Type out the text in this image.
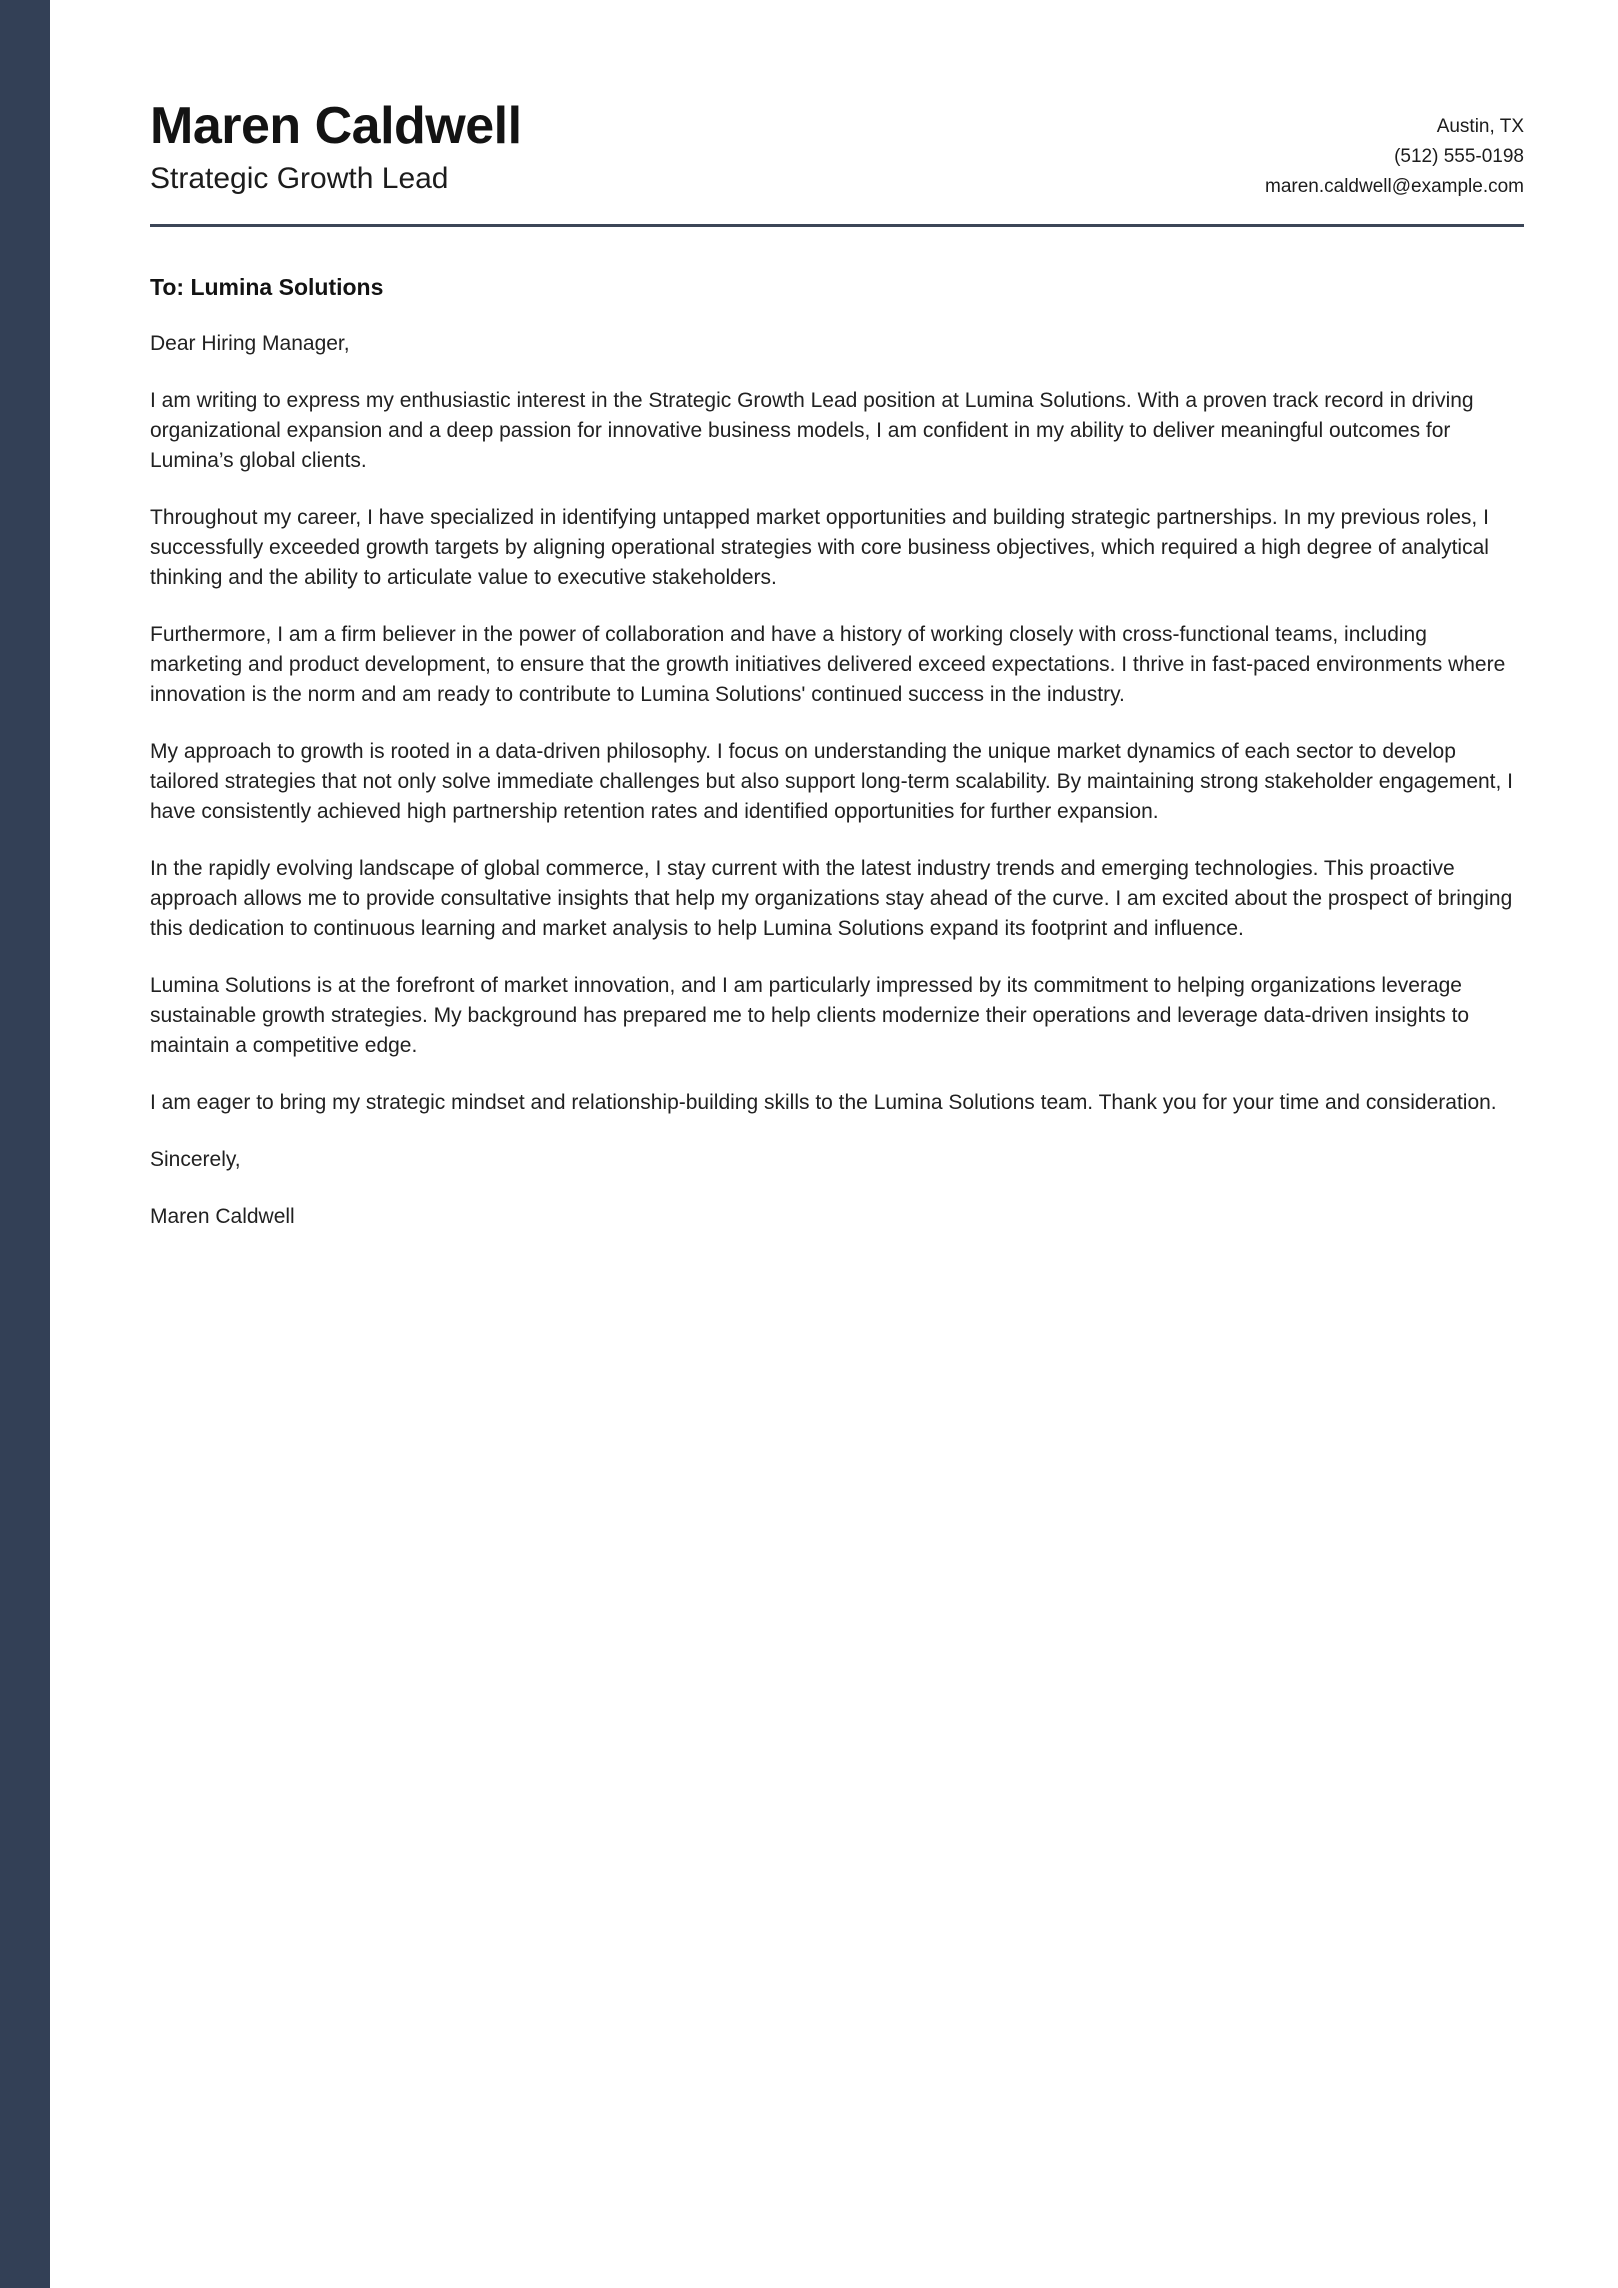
Maren Caldwell
Strategic Growth Lead
Austin, TX
(512) 555-0198
maren.caldwell@example.com

To: Lumina Solutions

Dear Hiring Manager,

I am writing to express my enthusiastic interest in the Strategic Growth Lead position at Lumina Solutions. With a proven track record in driving organizational expansion and a deep passion for innovative business models, I am confident in my ability to deliver meaningful outcomes for Lumina’s global clients.

Throughout my career, I have specialized in identifying untapped market opportunities and building strategic partnerships. In my previous roles, I successfully exceeded growth targets by aligning operational strategies with core business objectives, which required a high degree of analytical thinking and the ability to articulate value to executive stakeholders.

Furthermore, I am a firm believer in the power of collaboration and have a history of working closely with cross-functional teams, including marketing and product development, to ensure that the growth initiatives delivered exceed expectations. I thrive in fast-paced environments where innovation is the norm and am ready to contribute to Lumina Solutions' continued success in the industry.

My approach to growth is rooted in a data-driven philosophy. I focus on understanding the unique market dynamics of each sector to develop tailored strategies that not only solve immediate challenges but also support long-term scalability. By maintaining strong stakeholder engagement, I have consistently achieved high partnership retention rates and identified opportunities for further expansion.

In the rapidly evolving landscape of global commerce, I stay current with the latest industry trends and emerging technologies. This proactive approach allows me to provide consultative insights that help my organizations stay ahead of the curve. I am excited about the prospect of bringing this dedication to continuous learning and market analysis to help Lumina Solutions expand its footprint and influence.

Lumina Solutions is at the forefront of market innovation, and I am particularly impressed by its commitment to helping organizations leverage sustainable growth strategies. My background has prepared me to help clients modernize their operations and leverage data-driven insights to maintain a competitive edge.

I am eager to bring my strategic mindset and relationship-building skills to the Lumina Solutions team. Thank you for your time and consideration.

Sincerely,

Maren Caldwell
